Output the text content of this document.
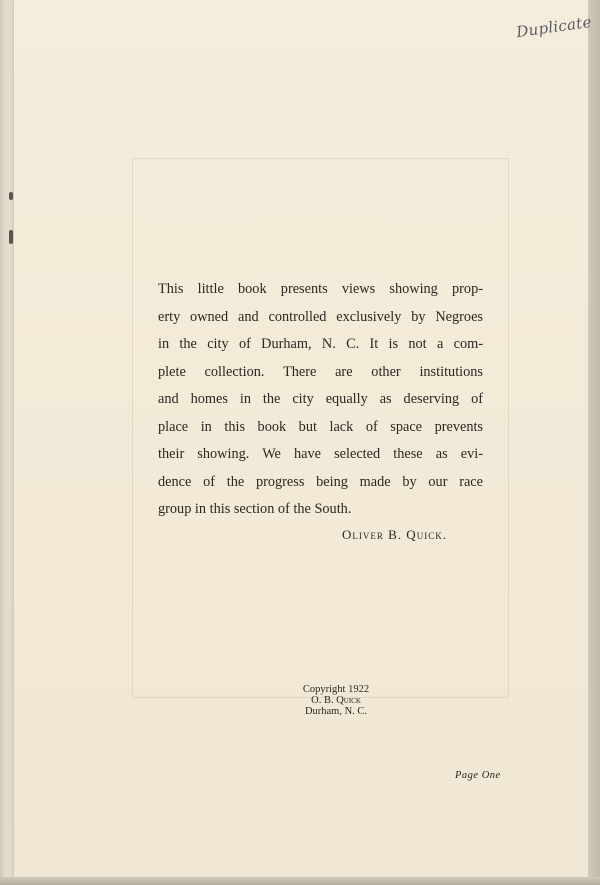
Duplicate
This little book presents views showing prop-
erty owned and controlled exclusively by Negroes
in the city of Durham, N. C. It is not a com-
plete collection. There are other institutions
and homes in the city equally as deserving of
place in this book but lack of space prevents
their showing. We have selected these as evi-
dence of the progress being made by our race
group in this section of the South.
Oliver B. Quick.
Copyright 1922
O. B. Quick
Durham, N. C.
Page One
